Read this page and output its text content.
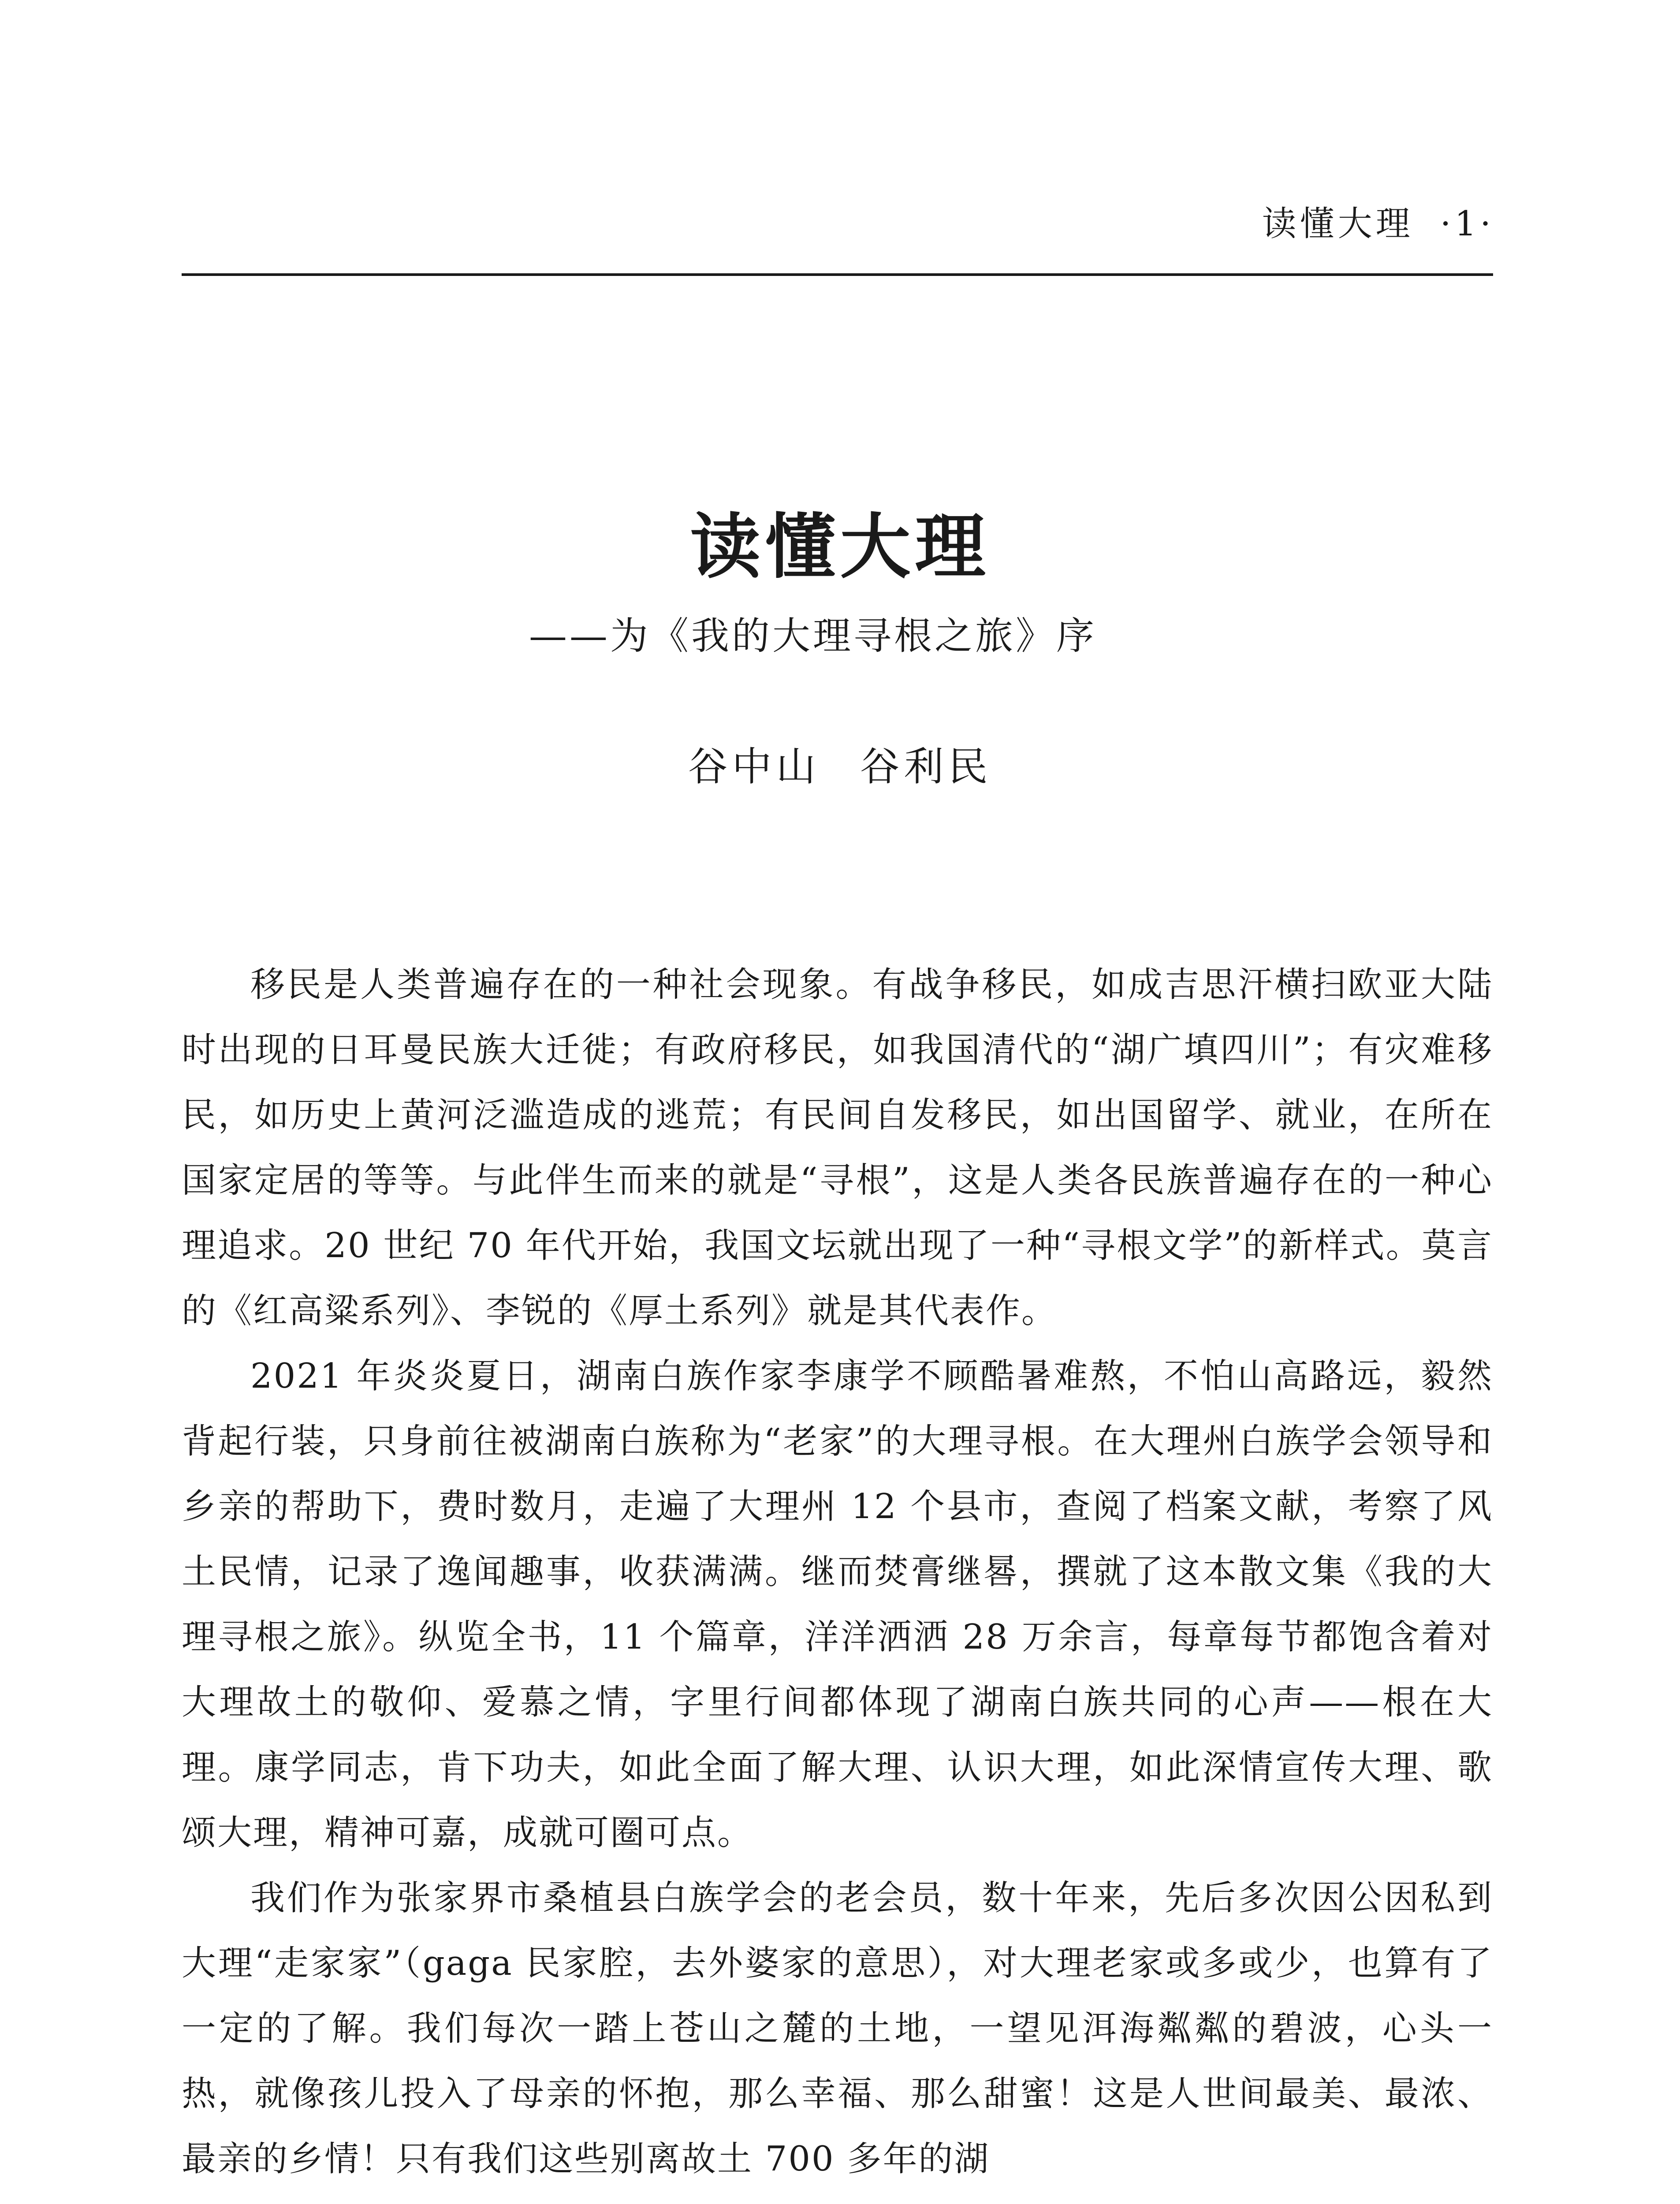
读懂大理 ·1·
读懂大理
——为《我的大理寻根之旅》序
谷中山 谷利民

移民是人类普遍存在的一种社会现象。有战争移民，如成吉思汗横扫欧亚大陆时出现的日耳曼民族大迁徙；有政府移民，如我国清代的“湖广填四川”；有灾难移民，如历史上黄河泛滥造成的逃荒；有民间自发移民，如出国留学、就业，在所在国家定居的等等。与此伴生而来的就是“寻根”，这是人类各民族普遍存在的一种心理追求。20 世纪 70 年代开始，我国文坛就出现了一种“寻根文学”的新样式。莫言的《红高粱系列》、李锐的《厚土系列》就是其代表作。

2021 年炎炎夏日，湖南白族作家李康学不顾酷暑难熬，不怕山高路远，毅然背起行装，只身前往被湖南白族称为“老家”的大理寻根。在大理州白族学会领导和乡亲的帮助下，费时数月，走遍了大理州 12 个县市，查阅了档案文献，考察了风土民情，记录了逸闻趣事，收获满满。继而焚膏继晷，撰就了这本散文集《我的大理寻根之旅》。纵览全书，11 个篇章，洋洋洒洒 28 万余言，每章每节都饱含着对大理故土的敬仰、爱慕之情，字里行间都体现了湖南白族共同的心声——根在大理。康学同志，肯下功夫，如此全面了解大理、认识大理，如此深情宣传大理、歌颂大理，精神可嘉，成就可圈可点。

我们作为张家界市桑植县白族学会的老会员，数十年来，先后多次因公因私到大理“走家家”（gaga 民家腔，去外婆家的意思），对大理老家或多或少，也算有了一定的了解。我们每次一踏上苍山之麓的土地，一望见洱海粼粼的碧波，心头一热，就像孩儿投入了母亲的怀抱，那么幸福、那么甜蜜！这是人世间最美、最浓、最亲的乡情！只有我们这些别离故土 700 多年的湖
